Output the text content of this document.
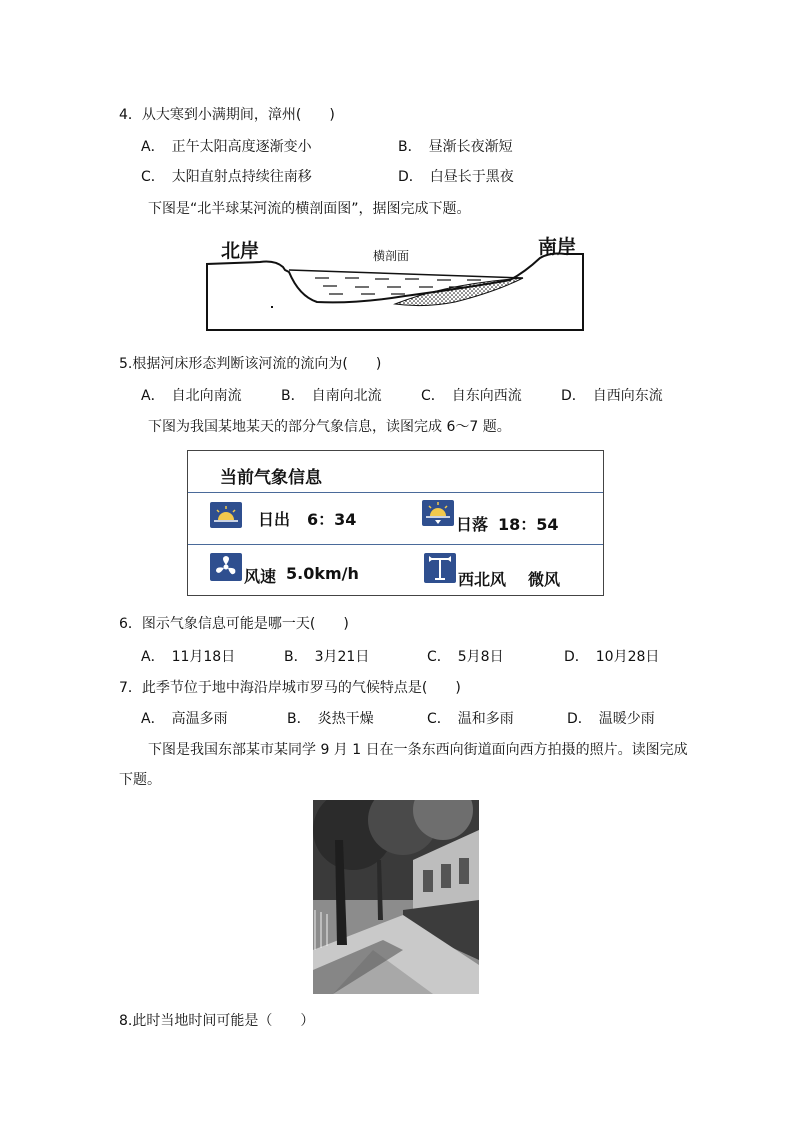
4．从大寒到小满期间，漳州(　　)
A．　正午太阳高度逐渐变小	B．　昼渐长夜渐短
C．　太阳直射点持续往南移	D．　白昼长于黑夜
下图是“北半球某河流的横剖面图”，据图完成下题。
北岸	南岸
横剖面
5.根据河床形态判断该河流的流向为(　　)
A．　自北向南流	B．　自南向北流	C．　自东向西流	D．　自西向东流
下图为我国某地某天的部分气象信息，读图完成 6～7 题。
当前气象信息
日出 6：34	日落 18：54
风速 5.0km/h	西北风 微风
6．图示气象信息可能是哪一天(　　)
A．　11月18日	B．　3月21日	C．　5月8日	D．　10月28日
7．此季节位于地中海沿岸城市罗马的气候特点是(　　)
A．　高温多雨	B．　炎热干燥	C．　温和多雨	D．　温暖少雨
下图是我国东部某市某同学 9 月 1 日在一条东西向街道面向西方拍摄的照片。读图完成
下题。
8.此时当地时间可能是（　　）
